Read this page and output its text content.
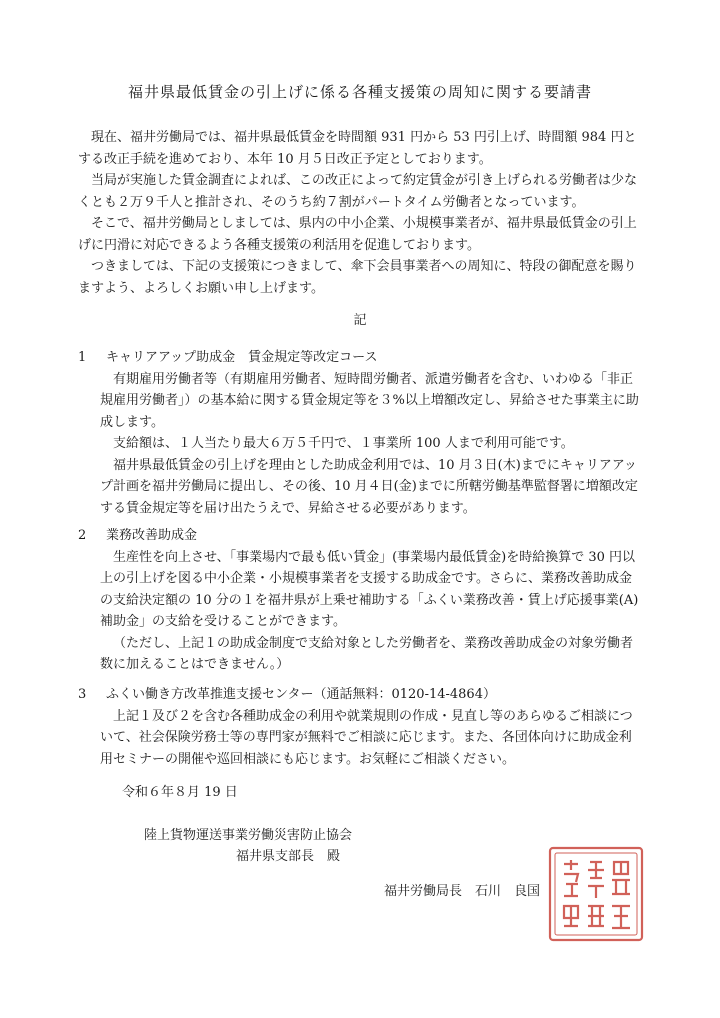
福井県最低賃金の引上げに係る各種支援策の周知に関する要請書

現在、福井労働局では、福井県最低賃金を時間額 931 円から 53 円引上げ、時間額 984 円とする改正手続を進めており、本年 10 月５日改正予定としております。

当局が実施した賃金調査によれば、この改正によって約定賃金が引き上げられる労働者は少なくとも２万９千人と推計され、そのうち約７割がパートタイム労働者となっています。

そこで、福井労働局としましては、県内の中小企業、小規模事業者が、福井県最低賃金の引上げに円滑に対応できるよう各種支援策の利活用を促進しております。

つきましては、下記の支援策につきまして、傘下会員事業者への周知に、特段の御配意を賜りますよう、よろしくお願い申し上げます。

記

1 キャリアアップ助成金　賃金規定等改定コース

有期雇用労働者等（有期雇用労働者、短時間労働者、派遣労働者を含む、いわゆる「非正規雇用労働者」）の基本給に関する賃金規定等を３%以上増額改定し、昇給させた事業主に助成します。

支給額は、１人当たり最大６万５千円で、１事業所 100 人まで利用可能です。

福井県最低賃金の引上げを理由とした助成金利用では、10 月３日(木)までにキャリアアップ計画を福井労働局に提出し、その後、10 月４日(金)までに所轄労働基準監督署に増額改定する賃金規定等を届け出たうえで、昇給させる必要があります。

2 業務改善助成金

生産性を向上させ、「事業場内で最も低い賃金」(事業場内最低賃金)を時給換算で 30 円以上の引上げを図る中小企業・小規模事業者を支援する助成金です。さらに、業務改善助成金の支給決定額の 10 分の１を福井県が上乗せ補助する「ふくい業務改善・賃上げ応援事業(A)補助金」の支給を受けることができます。

（ただし、上記１の助成金制度で支給対象とした労働者を、業務改善助成金の対象労働者数に加えることはできません。）

3 ふくい働き方改革推進支援センター（通話無料：0120-14-4864）

上記１及び２を含む各種助成金の利用や就業規則の作成・見直し等のあらゆるご相談について、社会保険労務士等の専門家が無料でご相談に応じます。また、各団体向けに助成金利用セミナーの開催や巡回相談にも応じます。お気軽にご相談ください。

令和６年８月 19 日
陸上貨物運送事業労働災害防止協会
福井県支部長　殿
福井労働局長　石川　良国
